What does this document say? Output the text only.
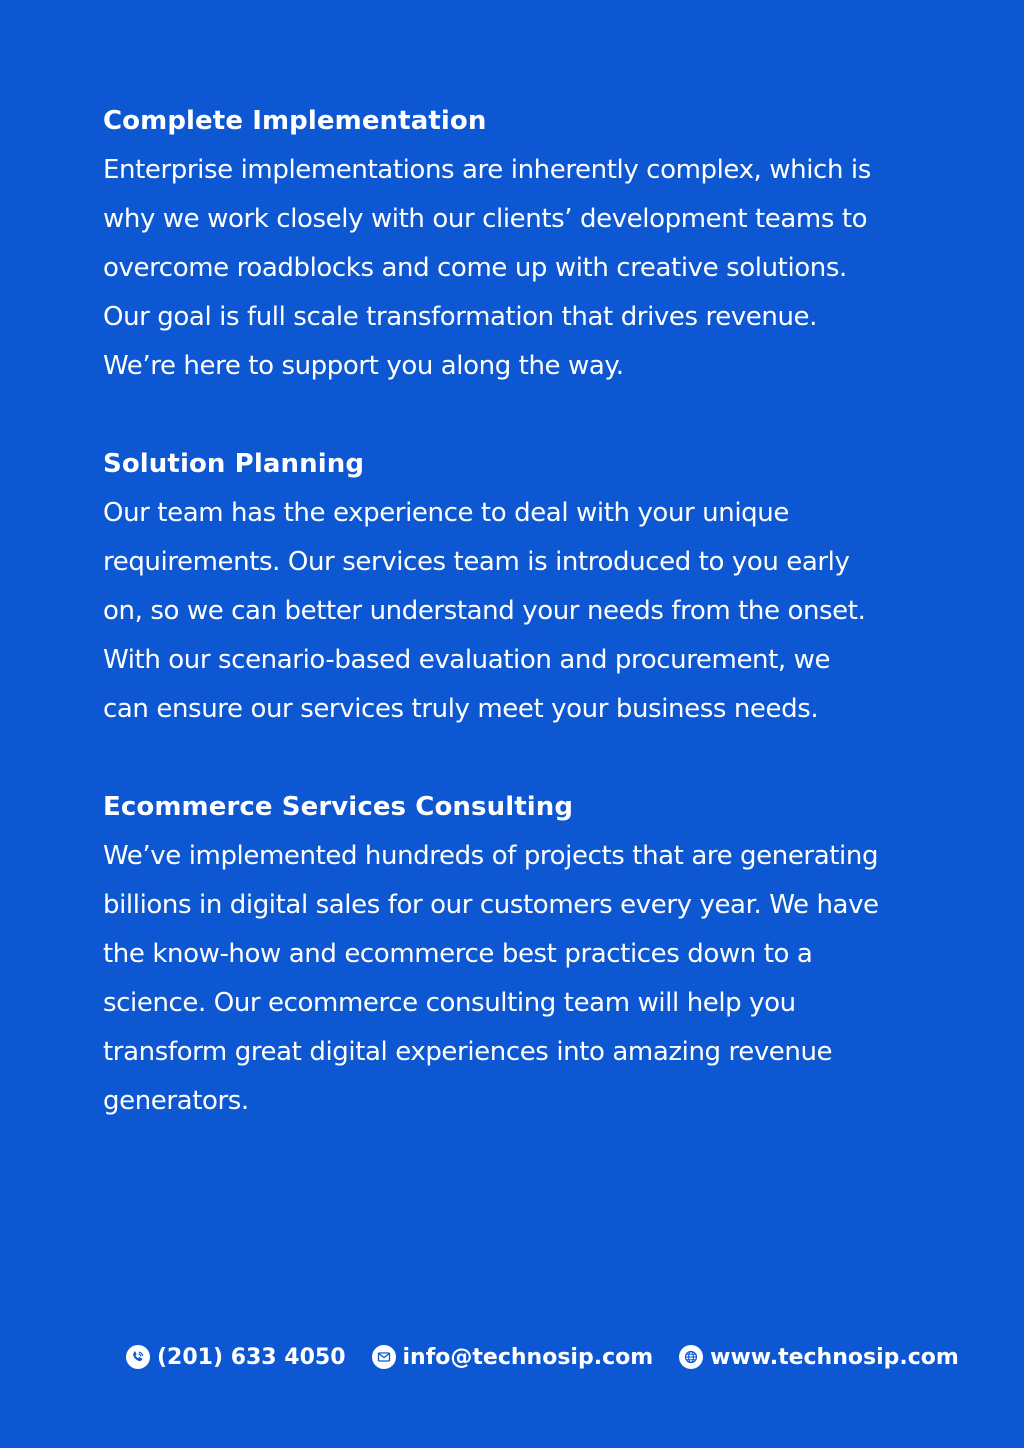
Complete Implementation
Enterprise implementations are inherently complex, which is
why we work closely with our clients’ development teams to
overcome roadblocks and come up with creative solutions.
Our goal is full scale transformation that drives revenue.
We’re here to support you along the way.
Solution Planning
Our team has the experience to deal with your unique
requirements. Our services team is introduced to you early
on, so we can better understand your needs from the onset.
With our scenario-based evaluation and procurement, we
can ensure our services truly meet your business needs.
Ecommerce Services Consulting
We’ve implemented hundreds of projects that are generating
billions in digital sales for our customers every year. We have
the know-how and ecommerce best practices down to a
science. Our ecommerce consulting team will help you
transform great digital experiences into amazing revenue
generators.
(201) 633 4050	info@technosip.com	www.technosip.com
